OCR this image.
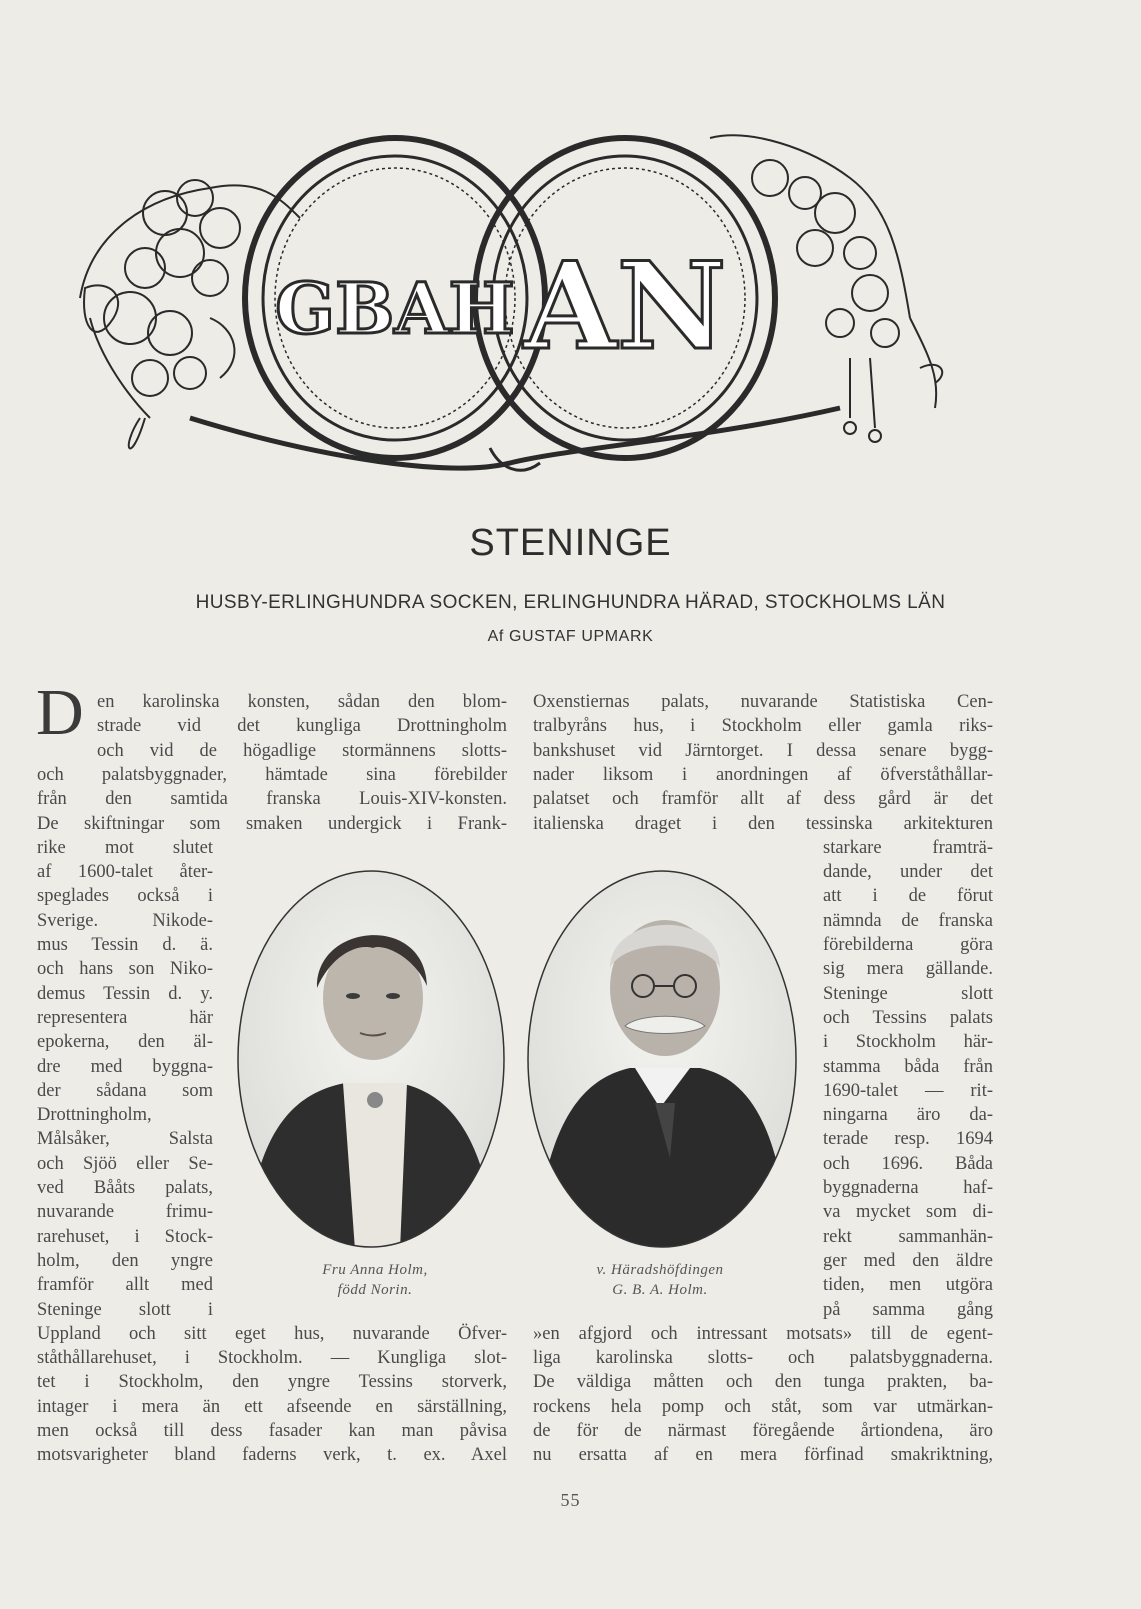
GBAH AN
STENINGE
HUSBY-ERLINGHUNDRA SOCKEN, ERLINGHUNDRA HÄRAD, STOCKHOLMS LÄN
Af GUSTAF UPMARK
D en karolinska konsten, sådan den blom-
strade vid det kungliga Drottningholm
och vid de högadlige stormännens slotts-
och palatsbyggnader, hämtade sina förebilder
från den samtida franska Louis-XIV-konsten.
De skiftningar som smaken undergick i Frank-
rike mot slutet
af 1600-talet åter-
speglades också i
Sverige. Nikode-
mus Tessin d. ä.
och hans son Niko-
demus Tessin d. y.
representera här
epokerna, den äl-
dre med byggna-
der sådana som
Drottningholm,
Målsåker, Salsta
och Sjöö eller Se-
ved Bååts palats,
nuvarande frimu-
rarehuset, i Stock-
holm, den yngre
framför allt med
Steninge slott i
Uppland och sitt eget hus, nuvarande Öfver-
ståthållarehuset, i Stockholm. — Kungliga slot-
tet i Stockholm, den yngre Tessins storverk,
intager i mera än ett afseende en särställning,
men också till dess fasader kan man påvisa
motsvarigheter bland faderns verk, t. ex. Axel
Oxenstiernas palats, nuvarande Statistiska Cen-
tralbyråns hus, i Stockholm eller gamla riks-
bankshuset vid Järntorget. I dessa senare bygg-
nader liksom i anordningen af öfverståthållar-
palatset och framför allt af dess gård är det
italienska draget i den tessinska arkitekturen
starkare framträ-
dande, under det
att i de förut
nämnda de franska
förebilderna göra
sig mera gällande.
Steninge slott
och Tessins palats
i Stockholm här-
stamma båda från
1690-talet — rit-
ningarna äro da-
terade resp. 1694
och 1696. Båda
byggnaderna haf-
va mycket som di-
rekt sammanhän-
ger med den äldre
tiden, men utgöra
på samma gång
»en afgjord och intressant motsats» till de egent-
liga karolinska slotts- och palatsbyggnaderna.
De väldiga måtten och den tunga prakten, ba-
rockens hela pomp och ståt, som var utmärkan-
de för de närmast föregående årtiondena, äro
nu ersatta af en mera förfinad smakriktning,
Fru Anna Holm,
född Norin.
v. Häradshöfdingen
G. B. A. Holm.
55
